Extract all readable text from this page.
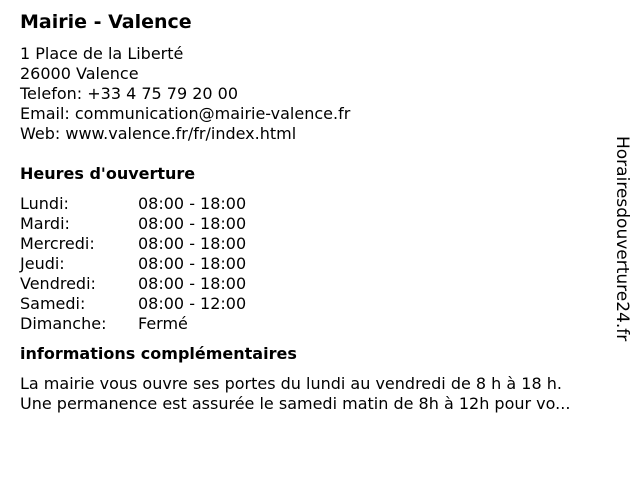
Mairie - Valence
1 Place de la Liberté
26000 Valence
Telefon: +33 4 75 79 20 00
Email: communication@mairie-valence.fr
Web: www.valence.fr/fr/index.html
Heures d'ouverture
Lundi:	08:00 - 18:00
Mardi:	08:00 - 18:00
Mercredi:	08:00 - 18:00
Jeudi:	08:00 - 18:00
Vendredi:	08:00 - 18:00
Samedi:	08:00 - 12:00
Dimanche:	Fermé
informations complémentaires
La mairie vous ouvre ses portes du lundi au vendredi de 8 h à 18 h.
Une permanence est assurée le samedi matin de 8h à 12h pour vo...
Horairesdouverture24.fr
